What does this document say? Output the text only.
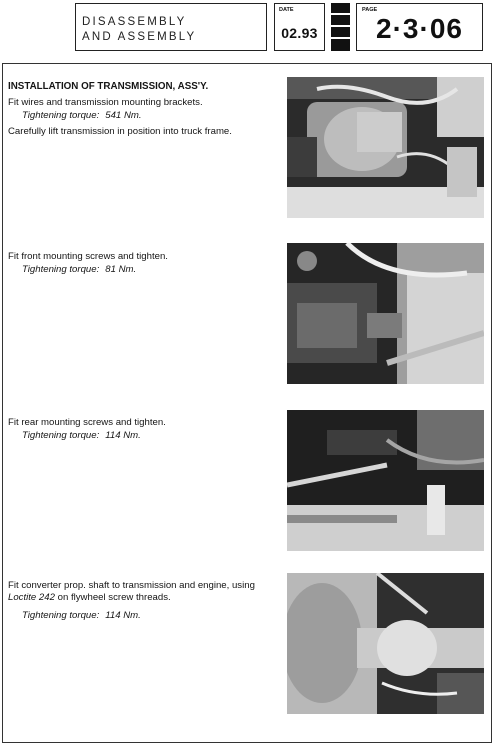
DISASSEMBLY
AND ASSEMBLY
DATE
02.93
PAGE
2·3·06

INSTALLATION OF TRANSMISSION, ASS'Y.

Fit wires and transmission mounting brackets.

Tightening torque: 541 Nm.

Carefully lift transmission in position into truck frame.

Fit front mounting screws and tighten.

Tightening torque: 81 Nm.

Fit rear mounting screws and tighten.

Tightening torque: 114 Nm.

Fit converter prop. shaft to transmission and engine, using Loctite 242 on flywheel screw threads.

Tightening torque: 114 Nm.
